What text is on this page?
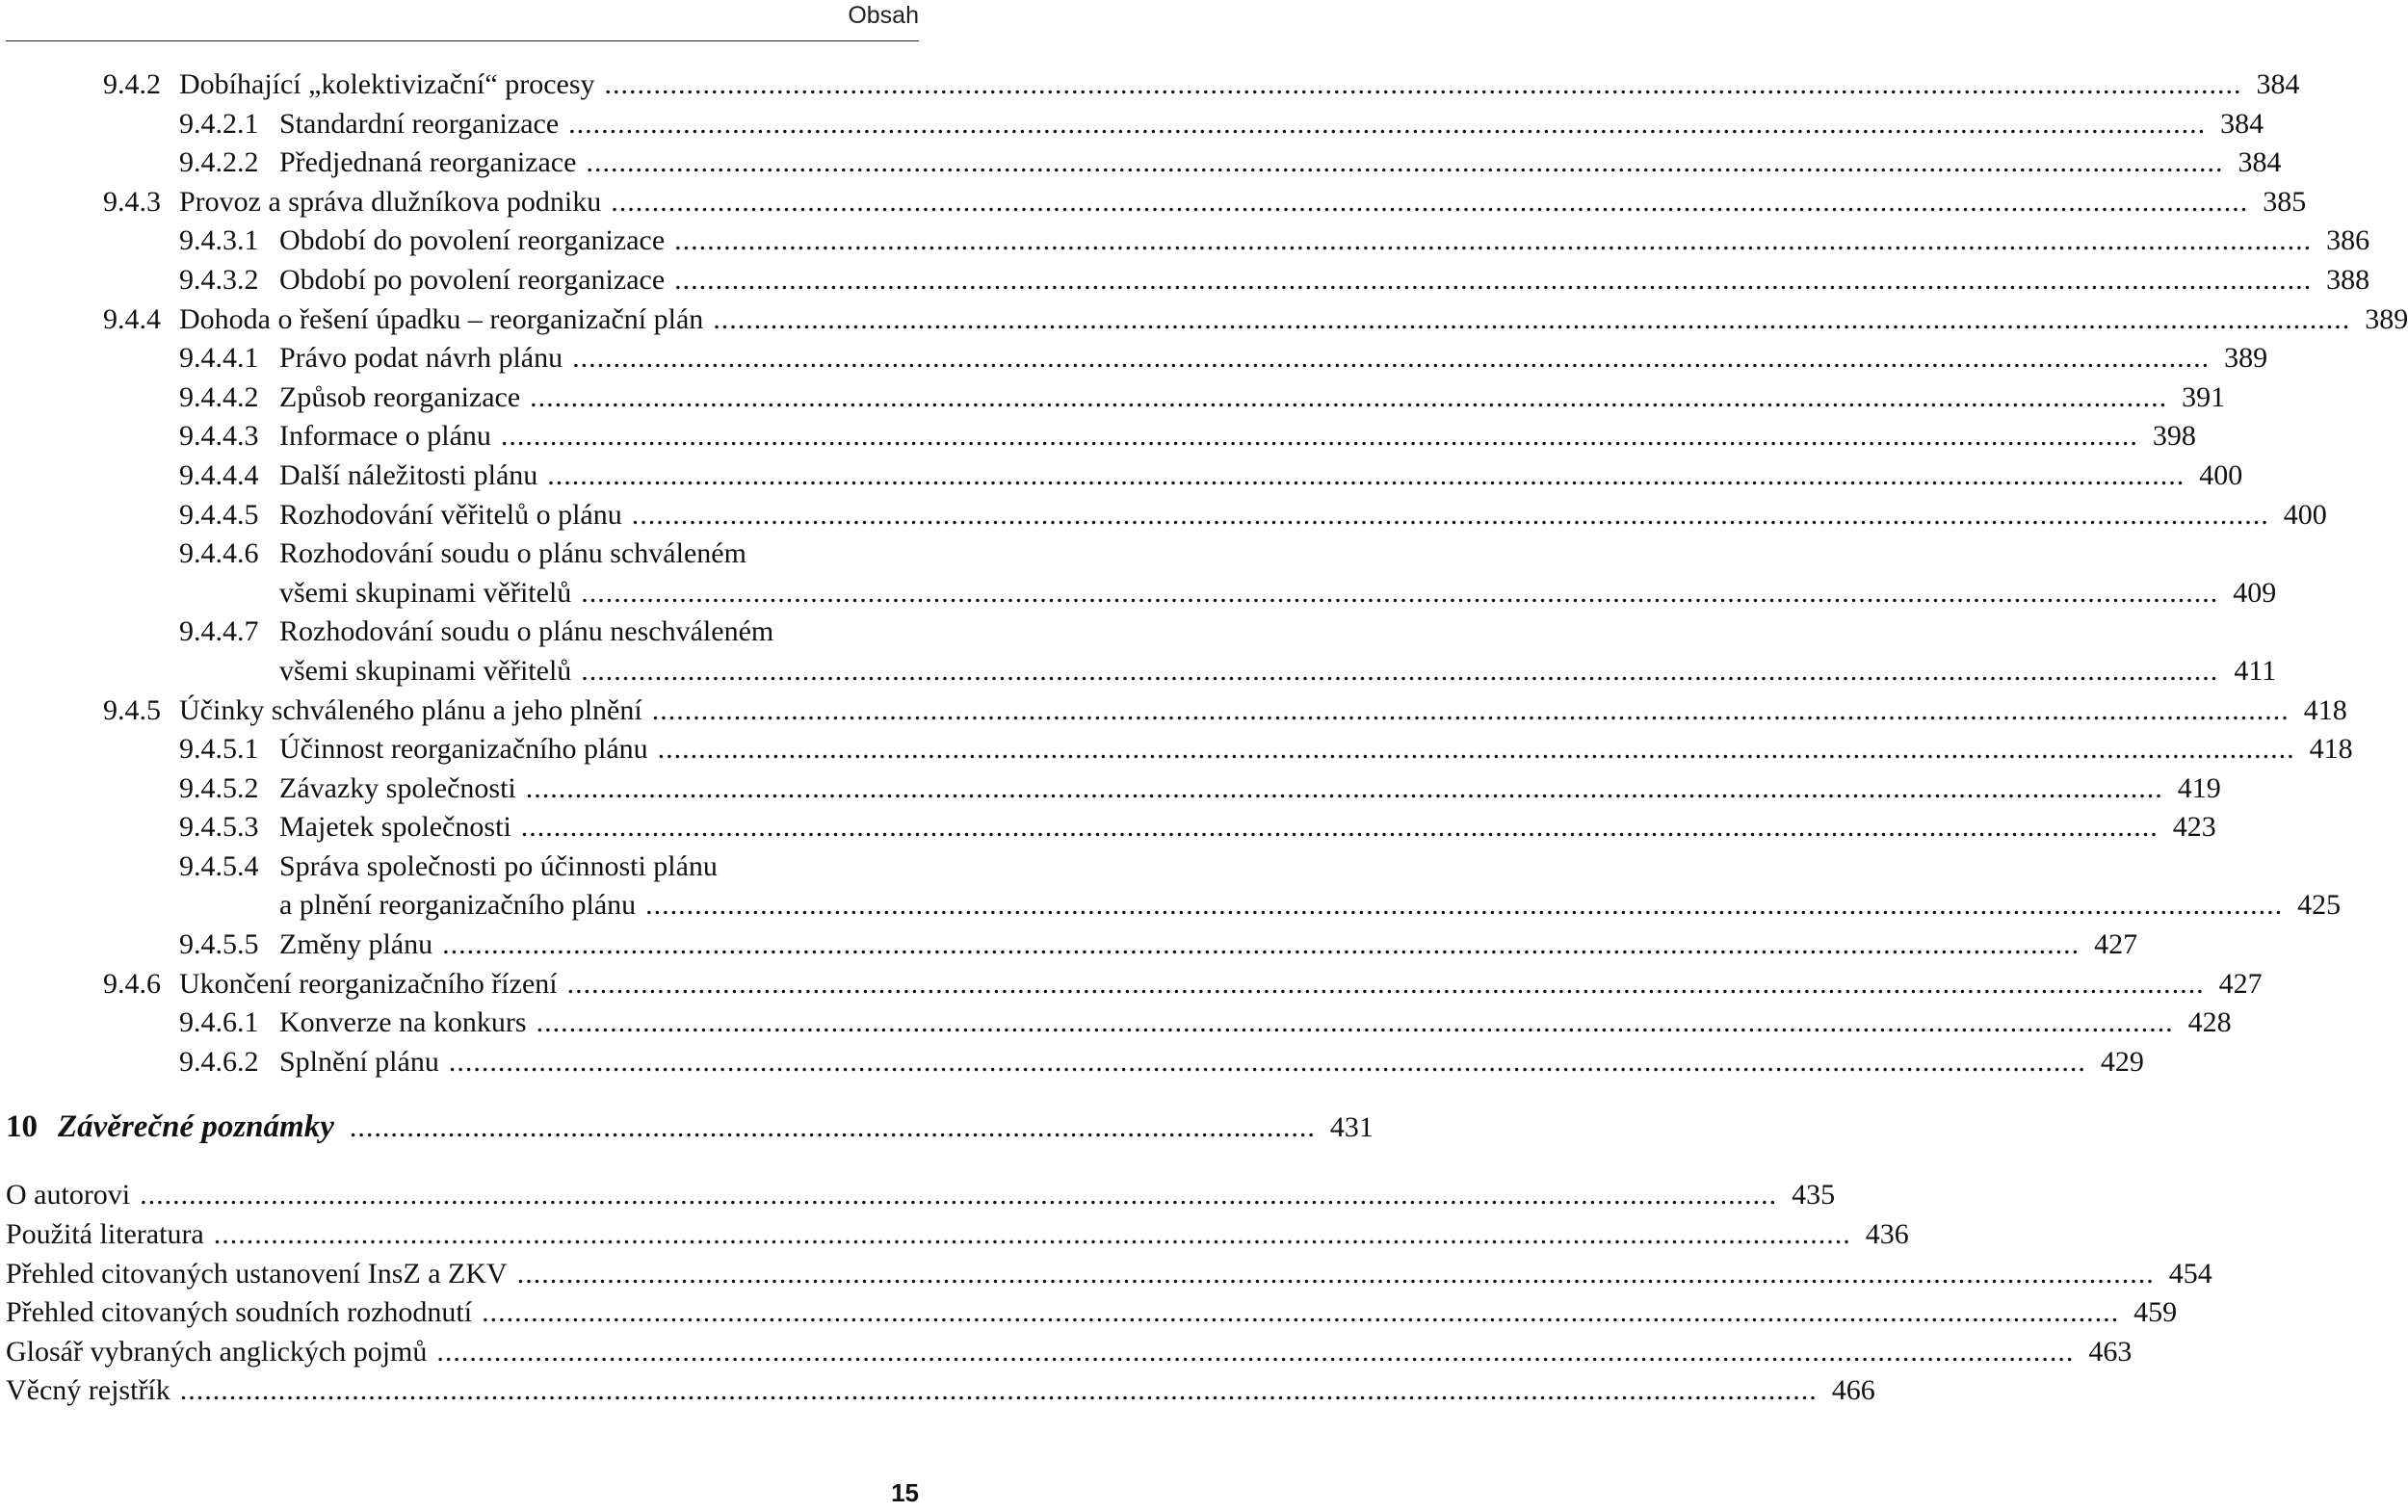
Obsah
9.4.2 Dobíhající „kolektivizační“ procesy ........................................................................................................................................................................................................ 384
9.4.2.1 Standardní reorganizace ........................................................................................................................................................................................................ 384
9.4.2.2 Předjednaná reorganizace ........................................................................................................................................................................................................ 384
9.4.3 Provoz a správa dlužníkova podniku ........................................................................................................................................................................................................ 385
9.4.3.1 Období do povolení reorganizace ........................................................................................................................................................................................................ 386
9.4.3.2 Období po povolení reorganizace ........................................................................................................................................................................................................ 388
9.4.4 Dohoda o řešení úpadku – reorganizační plán ........................................................................................................................................................................................................ 389
9.4.4.1 Právo podat návrh plánu ........................................................................................................................................................................................................ 389
9.4.4.2 Způsob reorganizace ........................................................................................................................................................................................................ 391
9.4.4.3 Informace o plánu ........................................................................................................................................................................................................ 398
9.4.4.4 Další náležitosti plánu ........................................................................................................................................................................................................ 400
9.4.4.5 Rozhodování věřitelů o plánu ........................................................................................................................................................................................................ 400
9.4.4.6 Rozhodování soudu o plánu schváleném
všemi skupinami věřitelů ........................................................................................................................................................................................................ 409
9.4.4.7 Rozhodování soudu o plánu neschváleném
všemi skupinami věřitelů ........................................................................................................................................................................................................ 411
9.4.5 Účinky schváleného plánu a jeho plnění ........................................................................................................................................................................................................ 418
9.4.5.1 Účinnost reorganizačního plánu ........................................................................................................................................................................................................ 418
9.4.5.2 Závazky společnosti ........................................................................................................................................................................................................ 419
9.4.5.3 Majetek společnosti ........................................................................................................................................................................................................ 423
9.4.5.4 Správa společnosti po účinnosti plánu
a plnění reorganizačního plánu ........................................................................................................................................................................................................ 425
9.4.5.5 Změny plánu ........................................................................................................................................................................................................ 427
9.4.6 Ukončení reorganizačního řízení ........................................................................................................................................................................................................ 427
9.4.6.1 Konverze na konkurs ........................................................................................................................................................................................................ 428
9.4.6.2 Splnění plánu ........................................................................................................................................................................................................ 429
10 Závěrečné poznámky ...................................................................................................................... 431
O autorovi ........................................................................................................................................................................................................ 435
Použitá literatura ........................................................................................................................................................................................................ 436
Přehled citovaných ustanovení InsZ a ZKV ........................................................................................................................................................................................................ 454
Přehled citovaných soudních rozhodnutí ........................................................................................................................................................................................................ 459
Glosář vybraných anglických pojmů ........................................................................................................................................................................................................ 463
Věcný rejstřík ........................................................................................................................................................................................................ 466
15
